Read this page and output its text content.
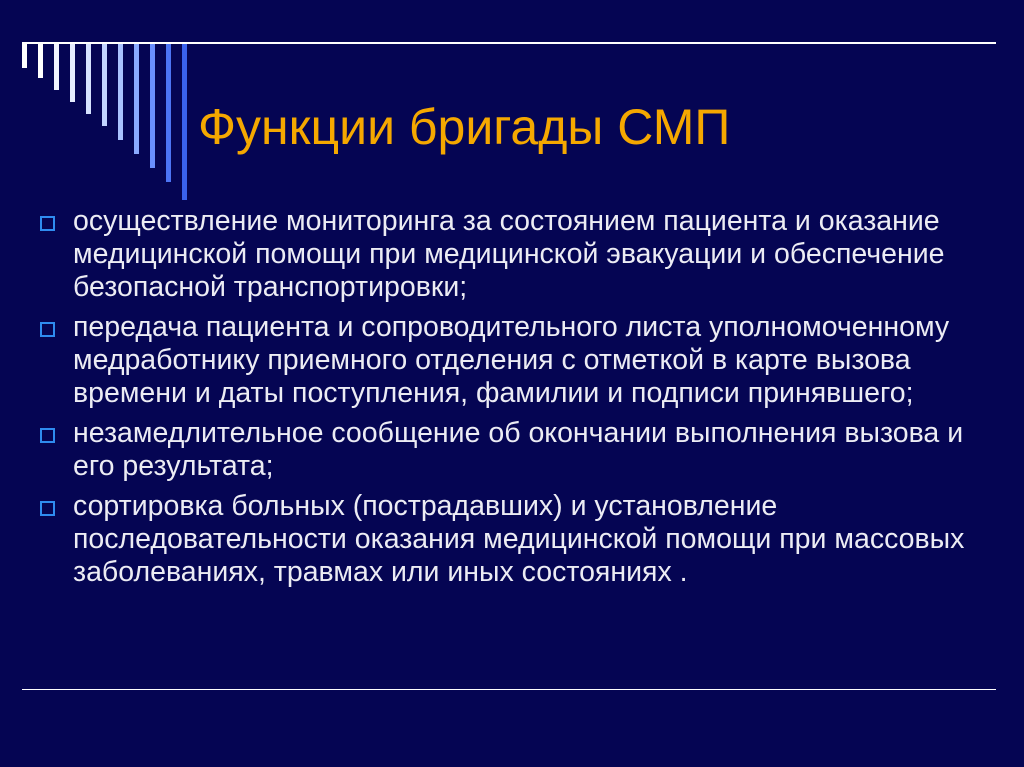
Функции бригады СМП
осуществление мониторинга за состоянием пациента и оказание медицинской помощи при медицинской эвакуации и обеспечение безопасной транспортировки;
передача пациента и сопроводительного листа уполномоченному медработнику приемного отделения с отметкой в карте вызова времени и даты поступления, фамилии и подписи принявшего;
незамедлительное сообщение об окончании выполнения вызова и его результата;
сортировка больных (пострадавших) и установление последовательности оказания медицинской помощи при массовых заболеваниях, травмах или иных состояниях .
